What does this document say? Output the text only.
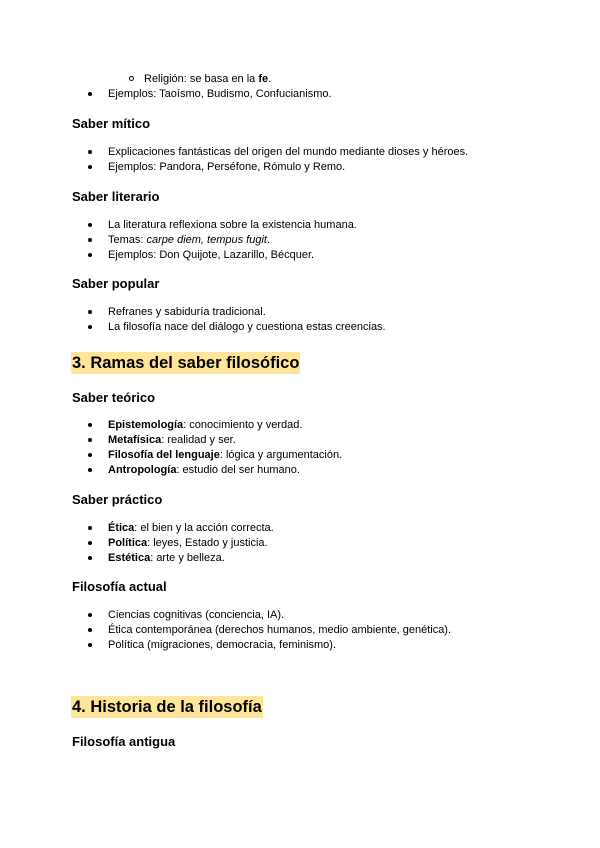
Religión: se basa en la fe.

Ejemplos: Taoísmo, Budismo, Confucianismo.

Saber mítico

Explicaciones fantásticas del origen del mundo mediante dioses y héroes.

Ejemplos: Pandora, Perséfone, Rómulo y Remo.

Saber literario

La literatura reflexiona sobre la existencia humana.

Temas: carpe diem, tempus fugit.

Ejemplos: Don Quijote, Lazarillo, Bécquer.

Saber popular

Refranes y sabiduría tradicional.

La filosofía nace del diálogo y cuestiona estas creencias.

3. Ramas del saber filosófico
Saber teórico

Epistemología: conocimiento y verdad.

Metafísica: realidad y ser.

Filosofía del lenguaje: lógica y argumentación.

Antropología: estudio del ser humano.

Saber práctico

Ética: el bien y la acción correcta.

Política: leyes, Estado y justicia.

Estética: arte y belleza.

Filosofía actual

Ciencias cognitivas (conciencia, IA).

Ética contemporánea (derechos humanos, medio ambiente, genética).

Política (migraciones, democracia, feminismo).

4. Historia de la filosofía
Filosofía antigua
